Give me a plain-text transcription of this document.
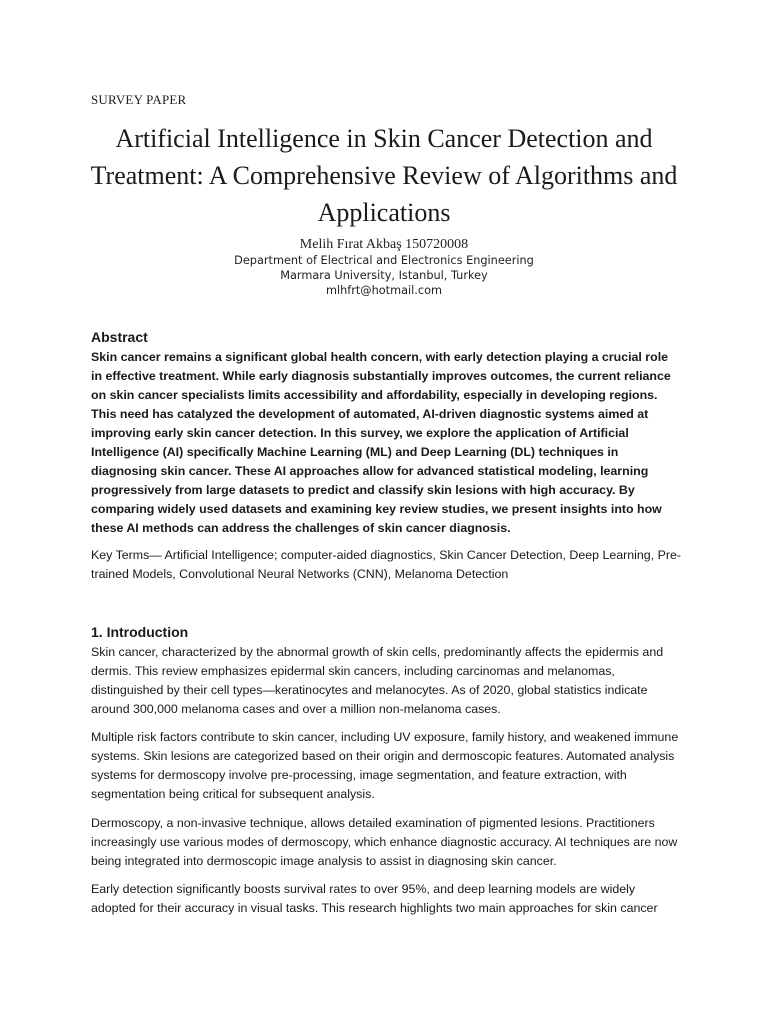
SURVEY PAPER
Artificial Intelligence in Skin Cancer Detection and Treatment: A Comprehensive Review of Algorithms and Applications
Melih Fırat Akbaş 150720008
Department of Electrical and Electronics Engineering
Marmara University, Istanbul, Turkey
mlhfrt@hotmail.com
Abstract

Skin cancer remains a significant global health concern, with early detection playing a crucial role in effective treatment. While early diagnosis substantially improves outcomes, the current reliance on skin cancer specialists limits accessibility and affordability, especially in developing regions. This need has catalyzed the development of automated, AI-driven diagnostic systems aimed at improving early skin cancer detection. In this survey, we explore the application of Artificial Intelligence (AI) specifically Machine Learning (ML) and Deep Learning (DL) techniques in diagnosing skin cancer. These AI approaches allow for advanced statistical modeling, learning progressively from large datasets to predict and classify skin lesions with high accuracy. By comparing widely used datasets and examining key review studies, we present insights into how these AI methods can address the challenges of skin cancer diagnosis.

Key Terms— Artificial Intelligence; computer-aided diagnostics, Skin Cancer Detection, Deep Learning, Pre-trained Models, Convolutional Neural Networks (CNN), Melanoma Detection

1. Introduction

Skin cancer, characterized by the abnormal growth of skin cells, predominantly affects the epidermis and dermis. This review emphasizes epidermal skin cancers, including carcinomas and melanomas, distinguished by their cell types—keratinocytes and melanocytes. As of 2020, global statistics indicate around 300,000 melanoma cases and over a million non-melanoma cases.

Multiple risk factors contribute to skin cancer, including UV exposure, family history, and weakened immune systems. Skin lesions are categorized based on their origin and dermoscopic features. Automated analysis systems for dermoscopy involve pre-processing, image segmentation, and feature extraction, with segmentation being critical for subsequent analysis.

Dermoscopy, a non-invasive technique, allows detailed examination of pigmented lesions. Practitioners increasingly use various modes of dermoscopy, which enhance diagnostic accuracy. AI techniques are now being integrated into dermoscopic image analysis to assist in diagnosing skin cancer.

Early detection significantly boosts survival rates to over 95%, and deep learning models are widely adopted for their accuracy in visual tasks. This research highlights two main approaches for skin cancer
